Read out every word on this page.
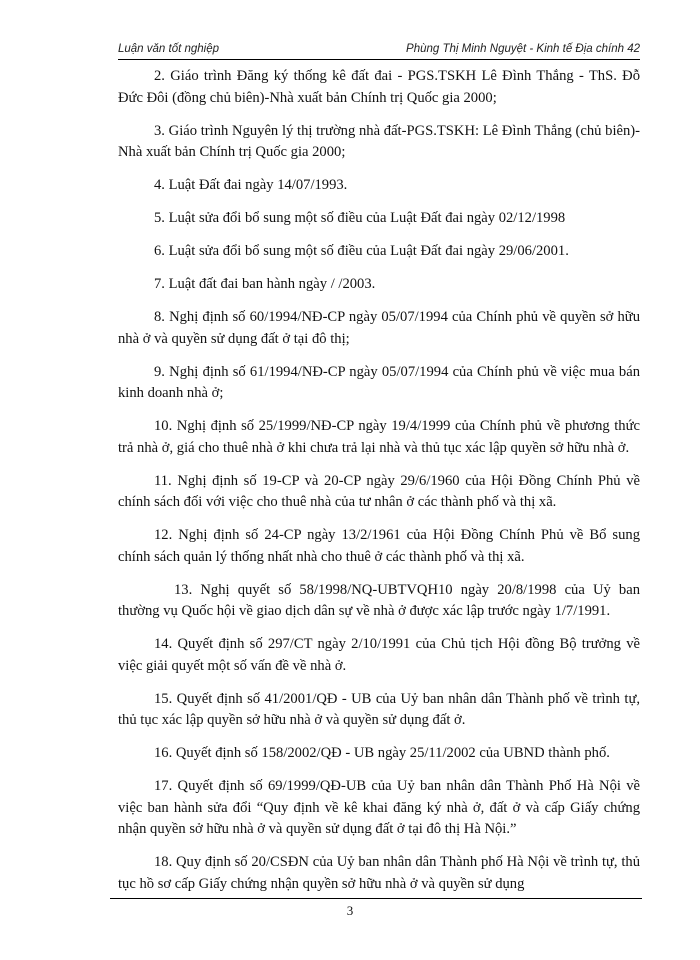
Luận văn tốt nghiệp	Phùng Thị Minh Nguyệt - Kinh tế Địa chính 42

2. Giáo trình Đăng ký thống kê đất đai - PGS.TSKH Lê Đình Thắng - ThS. Đỗ Đức Đôi (đồng chủ biên)-Nhà xuất bản Chính trị Quốc gia 2000;

3. Giáo trình Nguyên lý thị trường nhà đất-PGS.TSKH: Lê Đình Thắng (chủ biên)-Nhà xuất bản Chính trị Quốc gia 2000;

4. Luật Đất đai ngày 14/07/1993.

5. Luật sửa đổi bổ sung một số điều của Luật Đất đai ngày 02/12/1998

6. Luật sửa đổi bổ sung một số điều của Luật Đất đai ngày 29/06/2001.

7. Luật đất đai ban hành ngày / /2003.

8. Nghị định số 60/1994/NĐ-CP ngày 05/07/1994 của Chính phủ về quyền sở hữu nhà ở và quyền sử dụng đất ở tại đô thị;

9. Nghị định số 61/1994/NĐ-CP ngày 05/07/1994 của Chính phủ về việc mua bán kinh doanh nhà ở;

10. Nghị định số 25/1999/NĐ-CP ngày 19/4/1999 của Chính phủ về phương thức trả nhà ở, giá cho thuê nhà ở khi chưa trả lại nhà và thủ tục xác lập quyền sở hữu nhà ở.

11. Nghị định số 19-CP và 20-CP ngày 29/6/1960 của Hội Đồng Chính Phủ về chính sách đối với việc cho thuê nhà của tư nhân ở các thành phố và thị xã.

12. Nghị định số 24-CP ngày 13/2/1961 của Hội Đồng Chính Phủ về Bổ sung chính sách quản lý thống nhất nhà cho thuê ở các thành phố và thị xã.

13. Nghị quyết số 58/1998/NQ-UBTVQH10 ngày 20/8/1998 của Uỷ ban thường vụ Quốc hội về giao dịch dân sự về nhà ở được xác lập trước ngày 1/7/1991.

14. Quyết định số 297/CT ngày 2/10/1991 của Chủ tịch Hội đồng Bộ trưởng về việc giải quyết một số vấn đề về nhà ở.

15. Quyết định số 41/2001/QĐ - UB của Uỷ ban nhân dân Thành phố về trình tự, thủ tục xác lập quyền sở hữu nhà ở và quyền sử dụng đất ở.

16. Quyết định số 158/2002/QĐ - UB ngày 25/11/2002 của UBND thành phố.

17. Quyết định số 69/1999/QĐ-UB của Uỷ ban nhân dân Thành Phố Hà Nội về việc ban hành sửa đổi “Quy định về kê khai đăng ký nhà ở, đất ở và cấp Giấy chứng nhận quyền sở hữu nhà ở và quyền sử dụng đất ở tại đô thị Hà Nội.”

18. Quy định số 20/CSĐN của Uỷ ban nhân dân Thành phố Hà Nội về trình tự, thủ tục hồ sơ cấp Giấy chứng nhận quyền sở hữu nhà ở và quyền sử dụng

3
